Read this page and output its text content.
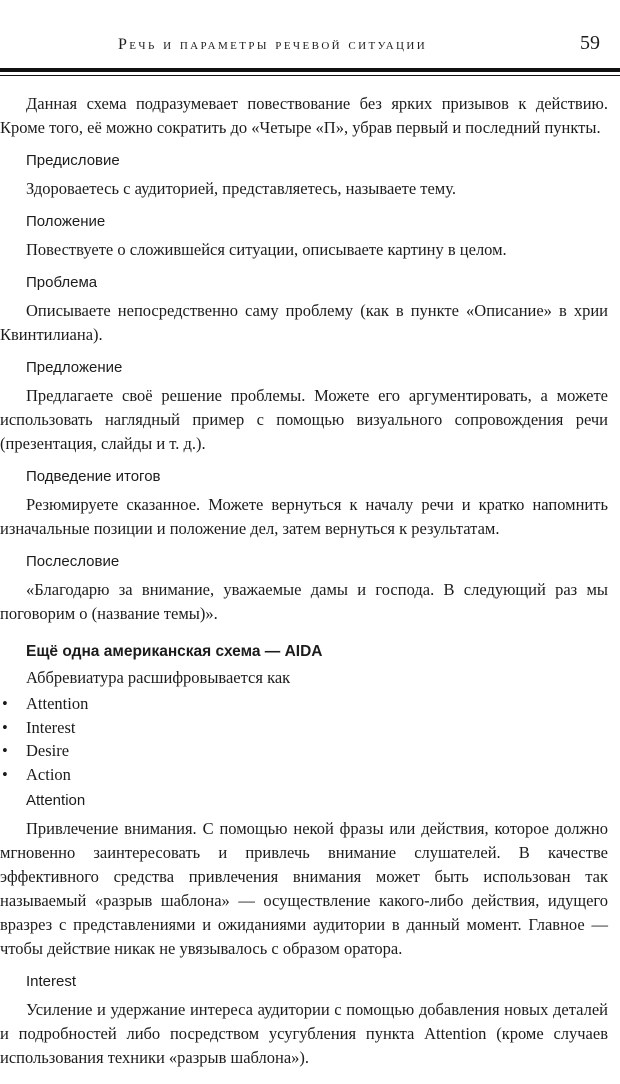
Речь и параметры речевой ситуации	59

Данная схема подразумевает повествование без ярких призывов к действию. Кроме того, её можно сократить до «Четыре «П», убрав первый и последний пункты.

Предисловие

Здороваетесь с аудиторией, представляетесь, называете тему.

Положение

Повествуете о сложившейся ситуации, описываете картину в целом.

Проблема

Описываете непосредственно саму проблему (как в пункте «Описание» в хрии Квинтилиана).

Предложение

Предлагаете своё решение проблемы. Можете его аргументировать, а можете использовать наглядный пример с помощью визуального сопровождения речи (презентация, слайды и т. д.).

Подведение итогов

Резюмируете сказанное. Можете вернуться к началу речи и кратко напомнить изначальные позиции и положение дел, затем вернуться к результатам.

Послесловие

«Благодарю за внимание, уважаемые дамы и господа. В следующий раз мы поговорим о (название темы)».

Ещё одна американская схема — AIDA

Аббревиатура расшифровывается как

• Attention
• Interest
• Desire
• Action
Attention

Привлечение внимания. С помощью некой фразы или действия, которое должно мгновенно заинтересовать и привлечь внимание слушателей. В качестве эффективного средства привлечения внимания может быть использован так называемый «разрыв шаблона» — осуществление какого-либо действия, идущего вразрез с представлениями и ожиданиями аудитории в данный момент. Главное — чтобы действие никак не увязывалось с образом оратора.

Interest

Усиление и удержание интереса аудитории с помощью добавления новых деталей и подробностей либо посредством усугубления пункта Attention (кроме случаев использования техники «разрыв шаблона»).
